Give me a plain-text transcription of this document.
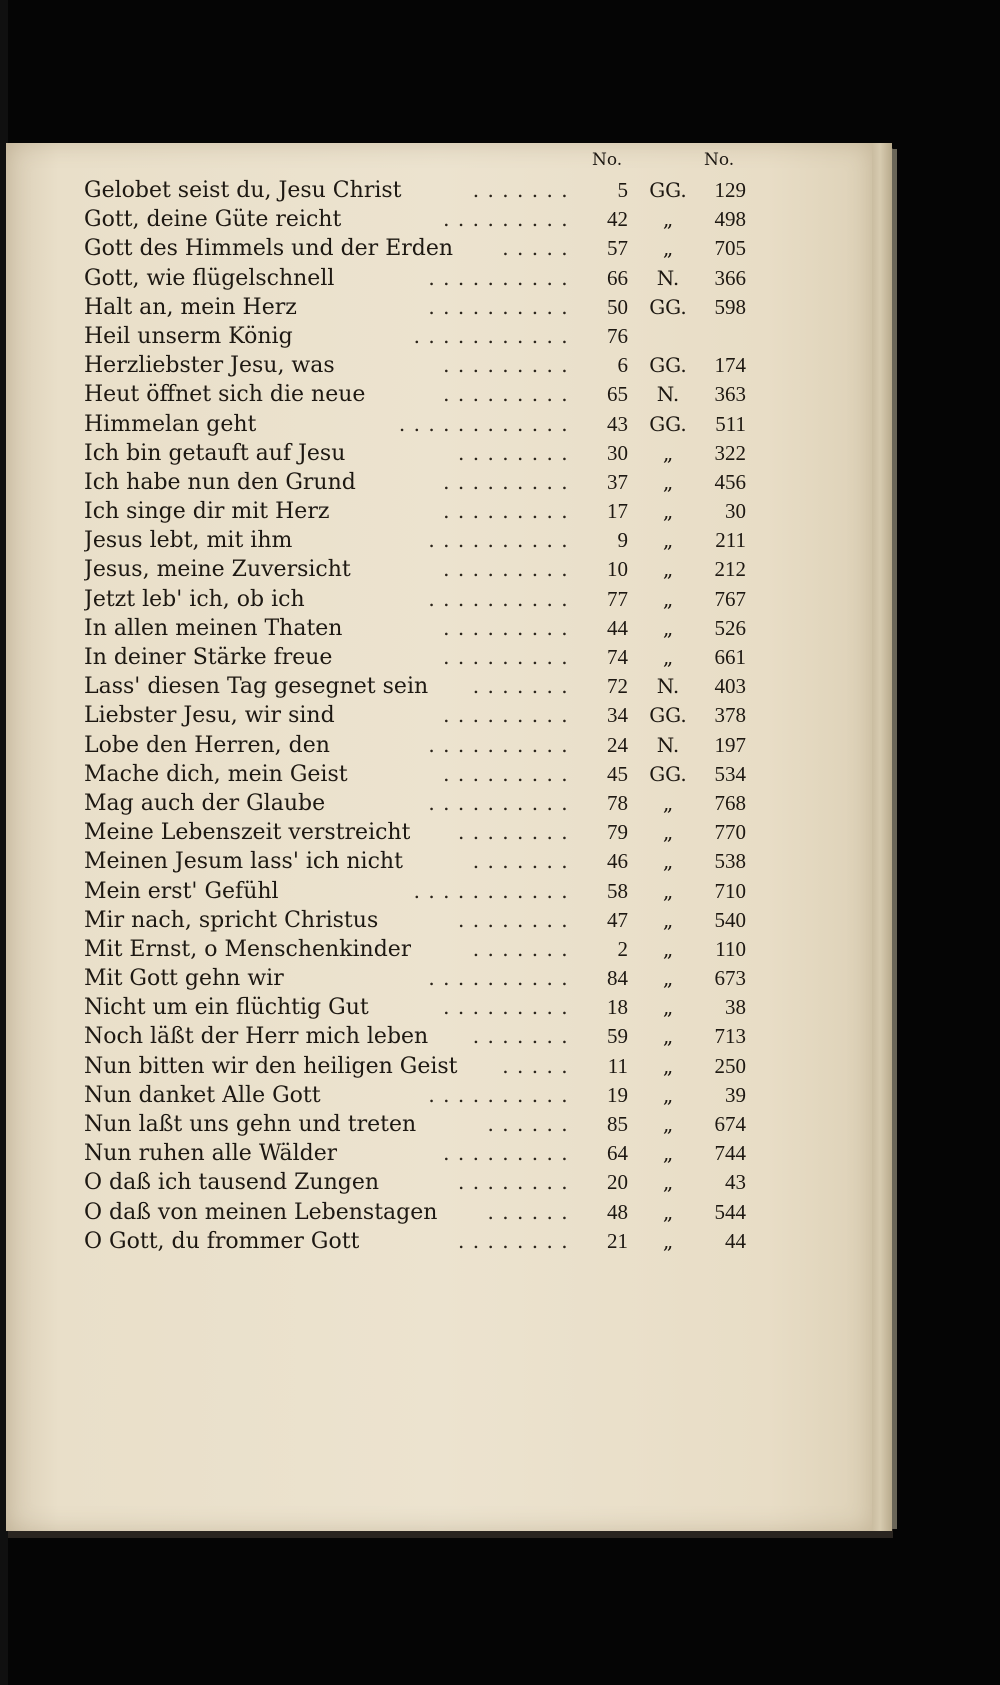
No.	No.
Gelobet seist du, Jesu Christ	.......	5 GG.	129
Gott, deine Güte reicht	.........	42	„	498
Gott des Himmels und der Erden .....	57	„	705
Gott, wie flügelschnell	..........	66	N.	366
Halt an, mein Herz	..........	50 GG.	598
Heil unserm König	...........	76
Herzliebster Jesu, was	.........	6 GG.	174
Heut öffnet sich die neue	.........	65	N.	363
Himmelan geht	............	43 GG.	511
Ich bin getauft auf Jesu	........	30	„	322
Ich habe nun den Grund	.........	37	„	456
Ich singe dir mit Herz	.........	17	„	30
Jesus lebt, mit ihm	..........	9	„	211
Jesus, meine Zuversicht	.........	10	„	212
Jetzt leb' ich, ob ich	..........	77	„	767
In allen meinen Thaten	.........	44	„	526
In deiner Stärke freue	.........	74	„	661
Lass' diesen Tag gesegnet sein .......	72	N.	403
Liebster Jesu, wir sind	.........	34 GG.	378
Lobe den Herren, den	..........	24	N.	197
Mache dich, mein Geist	.........	45 GG.	534
Mag auch der Glaube	..........	78	„	768
Meine Lebenszeit verstreicht ........	79	„	770
Meinen Jesum lass' ich nicht	.......	46	„	538
Mein erst' Gefühl	...........	58	„	710
Mir nach, spricht Christus	........	47	„	540
Mit Ernst, o Menschenkinder	.......	2	„	110
Mit Gott gehn wir	..........	84	„	673
Nicht um ein flüchtig Gut	.........	18	„	38
Noch läßt der Herr mich leben .......	59	„	713
Nun bitten wir den heiligen Geist .....	11	„	250
Nun danket Alle Gott	..........	19	„	39
Nun laßt uns gehn und treten	......	85	„	674
Nun ruhen alle Wälder	.........	64	„	744
O daß ich tausend Zungen	........	20	„	43
O daß von meinen Lebenstagen	......	48	„	544
O Gott, du frommer Gott	........	21	„	44
